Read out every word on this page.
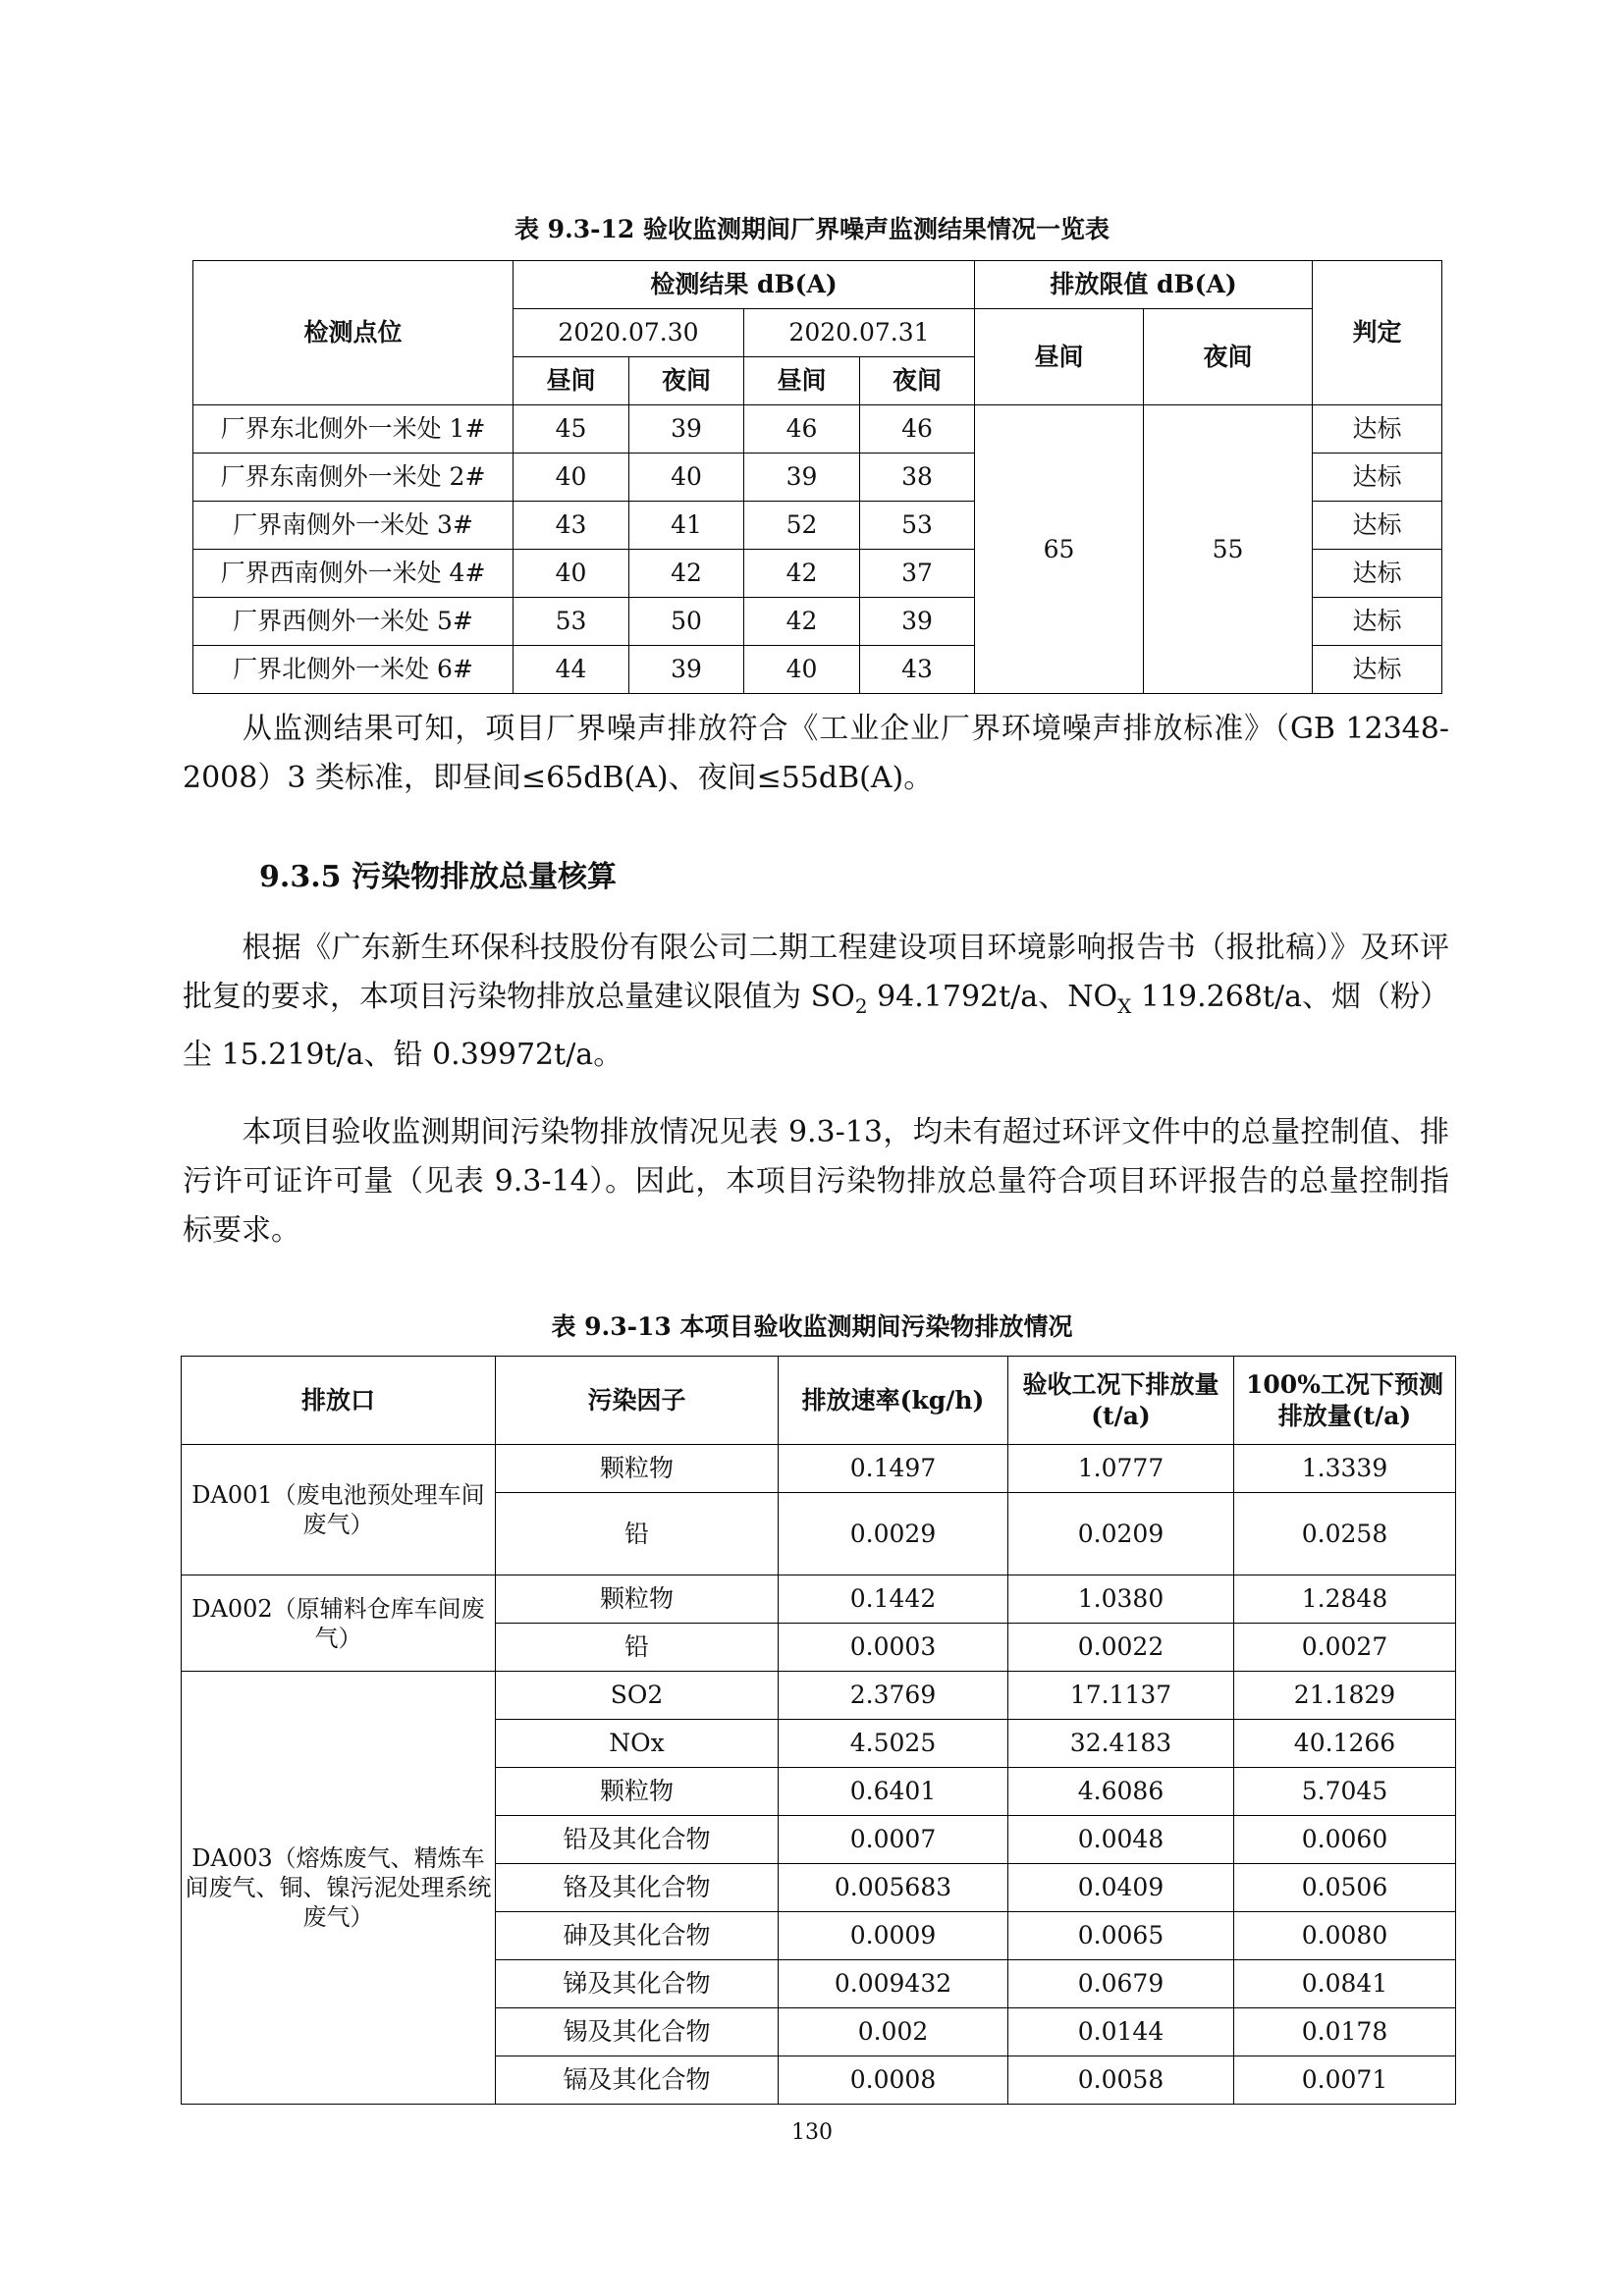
表 9.3-12 验收监测期间厂界噪声监测结果情况一览表
检测点位	检测结果 dB(A)				排放限值 dB(A)		判定
	2020.07.30		2020.07.31		昼间	夜间	
	昼间	夜间	昼间	夜间			
厂界东北侧外一米处 1#	45	39	46	46	65	55	达标
厂界东南侧外一米处 2#	40	40	39	38			达标
厂界南侧外一米处 3#	43	41	52	53			达标
厂界西南侧外一米处 4#	40	42	42	37			达标
厂界西侧外一米处 5#	53	50	42	39			达标
厂界北侧外一米处 6#	44	39	40	43			达标
从监测结果可知，项目厂界噪声排放符合《工业企业厂界环境噪声排放标准》（GB 12348-2008）3 类标准，即昼间≤65dB(A)、夜间≤55dB(A)。
9.3.5 污染物排放总量核算
根据《广东新生环保科技股份有限公司二期工程建设项目环境影响报告书（报批稿）》及环评批复的要求，本项目污染物排放总量建议限值为 $SO_2$ 94.1792t/a、$NO_X$ 119.268t/a、烟（粉）尘 15.219t/a、铅 0.39972t/a。
本项目验收监测期间污染物排放情况见表 9.3-13，均未有超过环评文件中的总量控制值、排污许可证许可量（见表 9.3-14）。因此，本项目污染物排放总量符合项目环评报告的总量控制指标要求。
表 9.3-13 本项目验收监测期间污染物排放情况
排放口	污染因子	排放速率(kg/h)	验收工况下排放量(t/a)	100%工况下预测排放量(t/a)
DA001（废电池预处理车间废气）	颗粒物	0.1497	1.0777	1.3339
	铅	0.0029	0.0209	0.0258
DA002（原辅料仓库车间废气）	颗粒物	0.1442	1.0380	1.2848
	铅	0.0003	0.0022	0.0027
DA003（熔炼废气、精炼车间废气、铜、镍污泥处理系统废气）	SO2	2.3769	17.1137	21.1829
	NOx	4.5025	32.4183	40.1266
	颗粒物	0.6401	4.6086	5.7045
	铅及其化合物	0.0007	0.0048	0.0060
	铬及其化合物	0.005683	0.0409	0.0506
	砷及其化合物	0.0009	0.0065	0.0080
	锑及其化合物	0.009432	0.0679	0.0841
	锡及其化合物	0.002	0.0144	0.0178
	镉及其化合物	0.0008	0.0058	0.0071
130
